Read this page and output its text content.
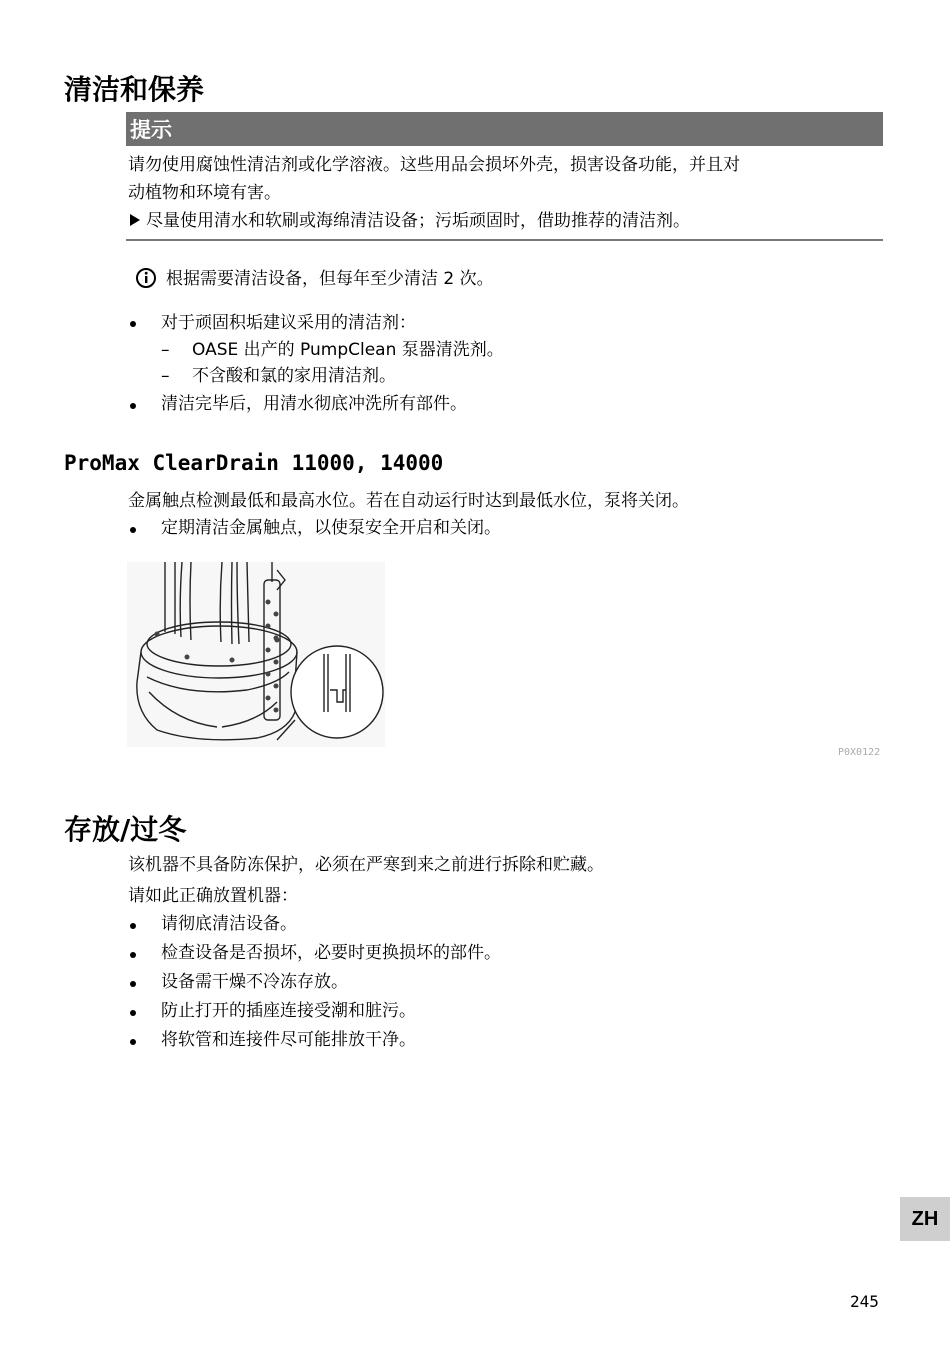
清洁和保养
提示
请勿使用腐蚀性清洁剂或化学溶液。这些用品会损坏外壳，损害设备功能，并且对
动植物和环境有害。
尽量使用清水和软刷或海绵清洁设备；污垢顽固时，借助推荐的清洁剂。
根据需要清洁设备，但每年至少清洁 2 次。
对于顽固积垢建议采用的清洁剂：
– OASE 出产的 PumpClean 泵器清洗剂。
– 不含酸和氯的家用清洁剂。
清洁完毕后，用清水彻底冲洗所有部件。
ProMax ClearDrain 11000, 14000
金属触点检测最低和最高水位。若在自动运行时达到最低水位，泵将关闭。
定期清洁金属触点，以使泵安全开启和关闭。
P0X0122
存放/过冬
该机器不具备防冻保护，必须在严寒到来之前进行拆除和贮藏。
请如此正确放置机器：
请彻底清洁设备。
检查设备是否损坏，必要时更换损坏的部件。
设备需干燥不冷冻存放。
防止打开的插座连接受潮和脏污。
将软管和连接件尽可能排放干净。
ZH
245
